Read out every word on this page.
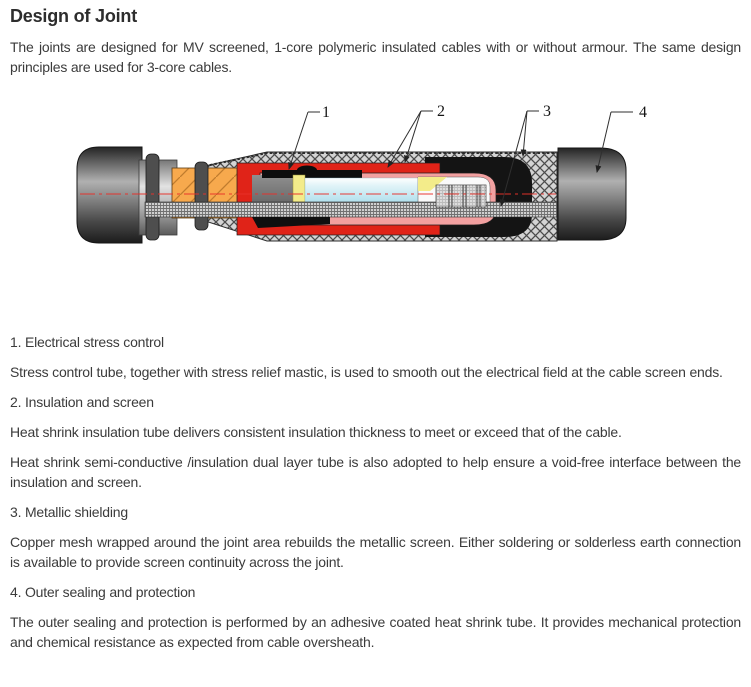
Design of Joint

The joints are designed for MV screened, 1-core polymeric insulated cables with or without armour. The same design principles are used for 3-core cables.

1	2	3	4

1. Electrical stress control

Stress control tube, together with stress relief mastic, is used to smooth out the electrical field at the cable screen ends.

2. Insulation and screen

Heat shrink insulation tube delivers consistent insulation thickness to meet or exceed that of the cable.

Heat shrink semi-conductive /insulation dual layer tube is also adopted to help ensure a void-free interface between the insulation and screen.

3. Metallic shielding

Copper mesh wrapped around the joint area rebuilds the metallic screen. Either soldering or solderless earth connection is available to provide screen continuity across the joint.

4. Outer sealing and protection

The outer sealing and protection is performed by an adhesive coated heat shrink tube. It provides mechanical protection and chemical resistance as expected from cable oversheath.
